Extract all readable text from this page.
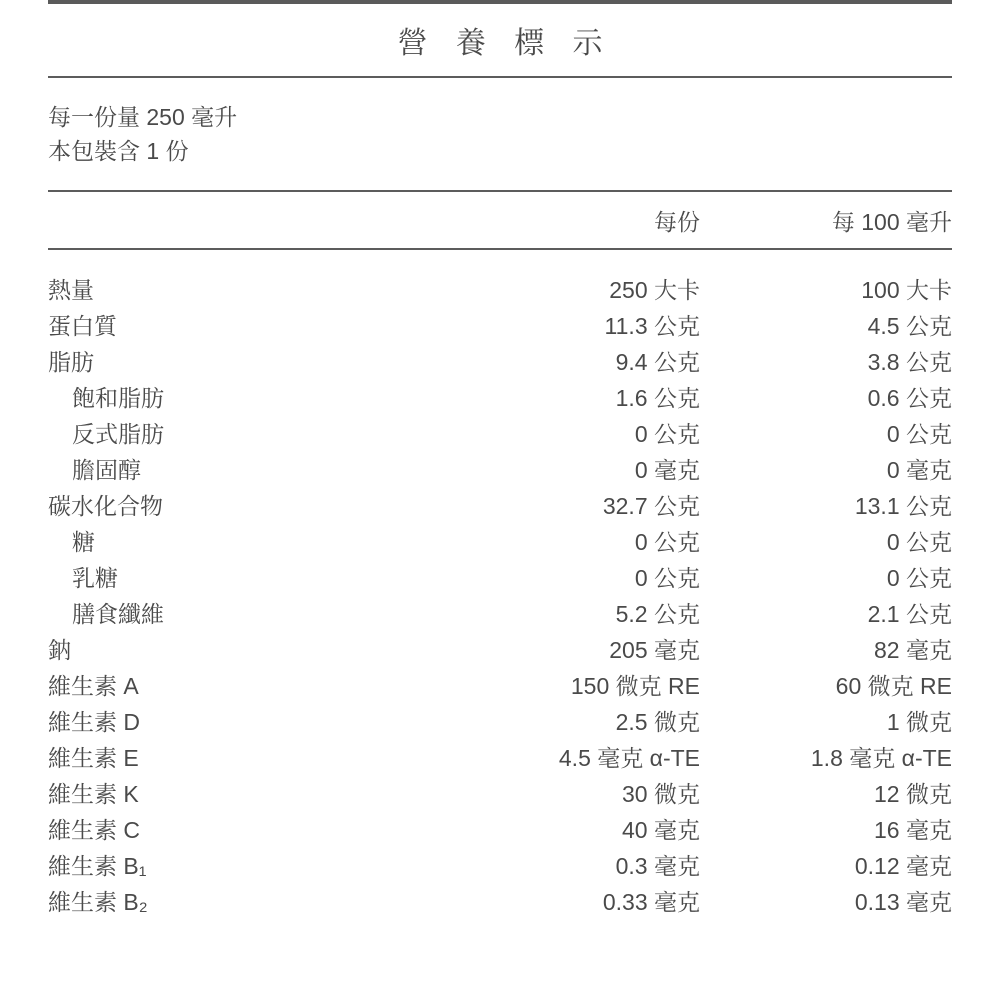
營 養 標 示
每一份量 250 毫升
本包裝含 1 份
	每份	每 100 毫升
熱量	250 大卡	100 大卡
蛋白質	11.3 公克	4.5 公克
脂肪	9.4 公克	3.8 公克
飽和脂肪	1.6 公克	0.6 公克
反式脂肪	0 公克	0 公克
膽固醇	0 毫克	0 毫克
碳水化合物	32.7 公克	13.1 公克
糖	0 公克	0 公克
乳糖	0 公克	0 公克
膳食纖維	5.2 公克	2.1 公克
鈉	205 毫克	82 毫克
維生素 A	150 微克 RE	60 微克 RE
維生素 D	2.5 微克	1 微克
維生素 E	4.5 毫克 α-TE	1.8 毫克 α-TE
維生素 K	30 微克	12 微克
維生素 C	40 毫克	16 毫克
維生素 B₁	0.3 毫克	0.12 毫克
維生素 B₂	0.33 毫克	0.13 毫克
